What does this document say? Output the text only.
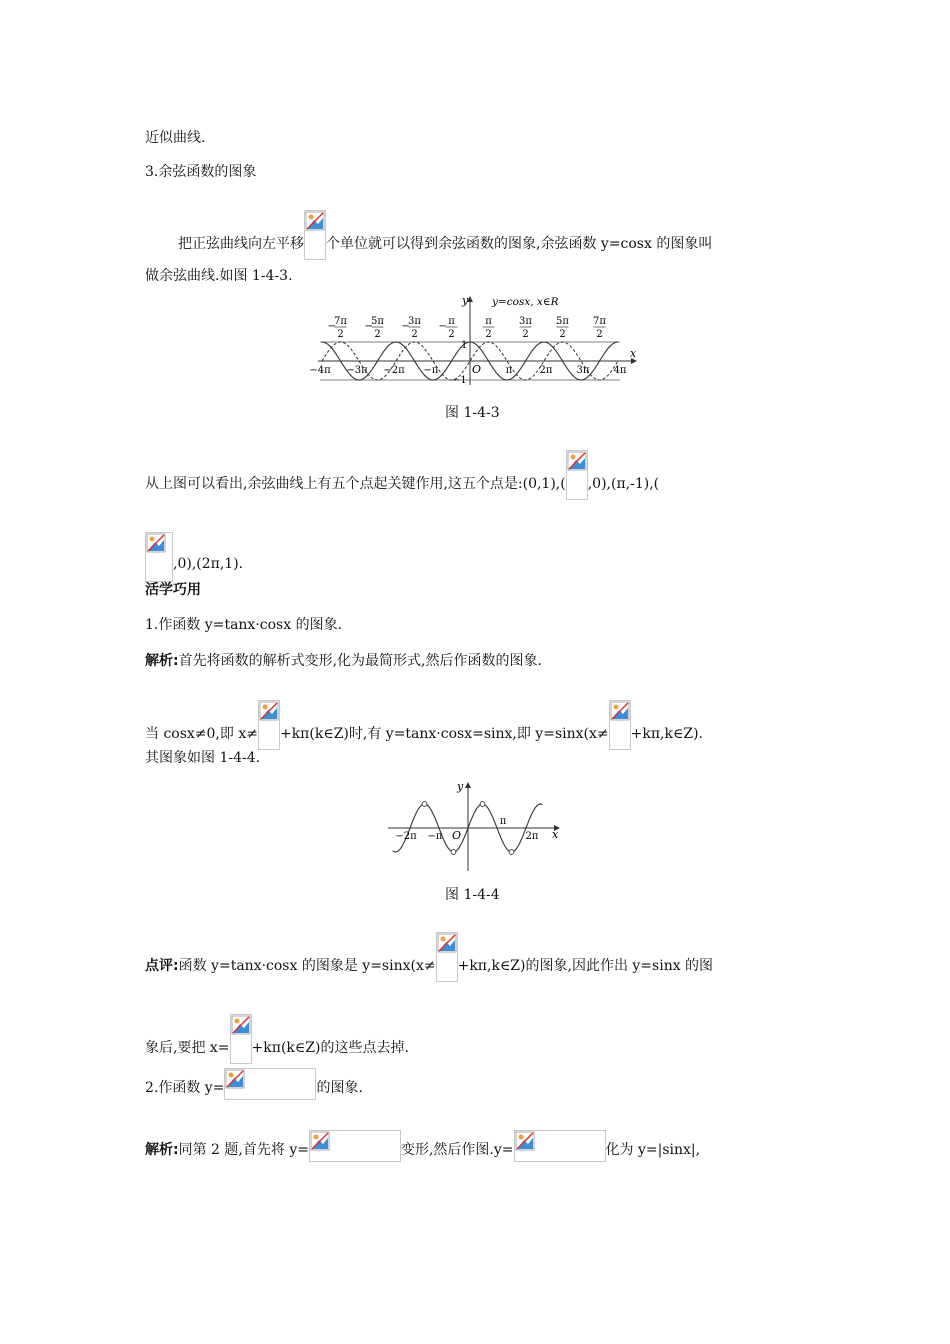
近似曲线.
3.余弦函数的图象
把正弦曲线向左平移 个单位就可以得到余弦函数的图象,余弦函数 y=cosx 的图象叫
做余弦曲线.如图 1-4-3.
y
x
y=cosx, x∈R
O
1
−1
−
7π
2
−
5π
2
−
3π
2
− π
2
π
2
3π
2
5π
2
7π
2
−4π −3π −2π −π	π	2π 3π 4π
图 1-4-3
从上图可以看出,余弦曲线上有五个点起关键作用,这五个点是:(0,1),( ,0),(π,-1),(
,0),(2π,1).
活学巧用
1.作函数 y=tanx·cosx 的图象.
解析:首先将函数的解析式变形,化为最简形式,然后作函数的图象.
当 cosx≠0,即 x≠ +kπ(k∈Z)时,有 y=tanx·cosx=sinx,即 y=sinx(x≠ +kπ,k∈Z).
其图象如图 1-4-4.
y
x
O
−2π −π
π
2π
图 1-4-4
点评:函数 y=tanx·cosx 的图象是 y=sinx(x≠ +kπ,k∈Z)的图象,因此作出 y=sinx 的图
象后,要把 x= +kπ(k∈Z)的这些点去掉.
2.作函数 y=	的图象.
解析:同第 2 题,首先将 y=	变形,然后作图.y=	化为 y=|sinx|,
